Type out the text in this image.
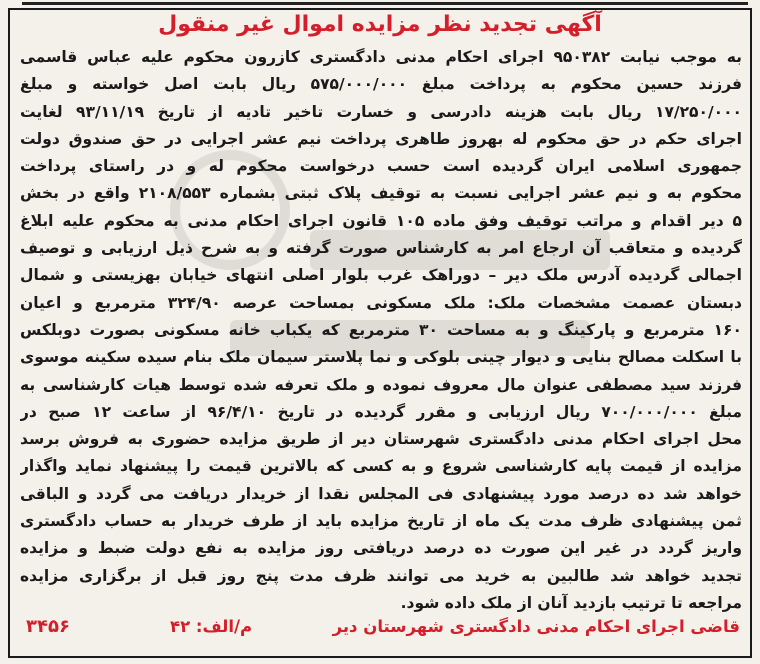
آگهی تجدید نظر مزایده اموال غیر منقول
به موجب نیابت ۹۵۰۳۸۲ اجرای احکام مدنی دادگستری کازرون محکوم علیه عباس قاسمی
فرزند حسین محکوم به پرداخت مبلغ ۵۷۵/۰۰۰/۰۰۰ ریال بابت اصل خواسته و مبلغ
۱۷/۲۵۰/۰۰۰ ریال بابت هزینه دادرسی و خسارت تاخیر تادیه از تاریخ ۹۳/۱۱/۱۹ لغایت
اجرای حکم در حق محکوم له بهروز طاهری پرداخت نیم عشر اجرایی در حق صندوق دولت
جمهوری اسلامی ایران گردیده است حسب درخواست محکوم له و در راستای پرداخت
محکوم به و نیم عشر اجرایی نسبت به توقیف پلاک ثبتی بشماره ۲۱۰۸/۵۵۳ واقع در بخش
۵ دیر اقدام و مراتب توقیف وفق ماده ۱۰۵ قانون اجرای احکام مدنی به محکوم علیه ابلاغ
گردیده و متعاقب آن ارجاع امر به کارشناس صورت گرفته و به شرح ذیل ارزیابی و توصیف
اجمالی گردیده آدرس ملک دیر – دوراهک غرب بلوار اصلی انتهای خیابان بهزیستی و شمال
دبستان عصمت مشخصات ملک: ملک مسکونی بمساحت عرصه ۳۲۴/۹۰ مترمربع و اعیان
۱۶۰ مترمربع و پارکینگ و به مساحت ۳۰ مترمربع که یکباب خانه مسکونی بصورت دوبلکس
با اسکلت مصالح بنایی و دیوار چینی بلوکی و نما پلاستر سیمان ملک بنام سیده سکینه موسوی
فرزند سید مصطفی عنوان مال معروف نموده و ملک تعرفه شده توسط هیات کارشناسی به
مبلغ ۷۰۰/۰۰۰/۰۰۰ ریال ارزیابی و مقرر گردیده در تاریخ ۹۶/۴/۱۰ از ساعت ۱۲ صبح در
محل اجرای احکام مدنی دادگستری شهرستان دیر از طریق مزایده حضوری به فروش برسد
مزایده از قیمت پایه کارشناسی شروع و به کسی که بالاترین قیمت را پیشنهاد نماید واگذار
خواهد شد ده درصد مورد پیشنهادی فی المجلس نقدا از خریدار دریافت می گردد و الباقی
ثمن پیشنهادی ظرف مدت یک ماه از تاریخ مزایده باید از طرف خریدار به حساب دادگستری
واریز گردد در غیر این صورت ده درصد دریافتی روز مزایده به نفع دولت ضبط و مزایده
تجدید خواهد شد طالبین به خرید می توانند ظرف مدت پنج روز قبل از برگزاری مزایده
مراجعه تا ترتیب بازدید آنان از ملک داده شود.
قاضی اجرای احکام مدنی دادگستری شهرستان دیر
م/الف: ۴۲
۳۴۵۶
